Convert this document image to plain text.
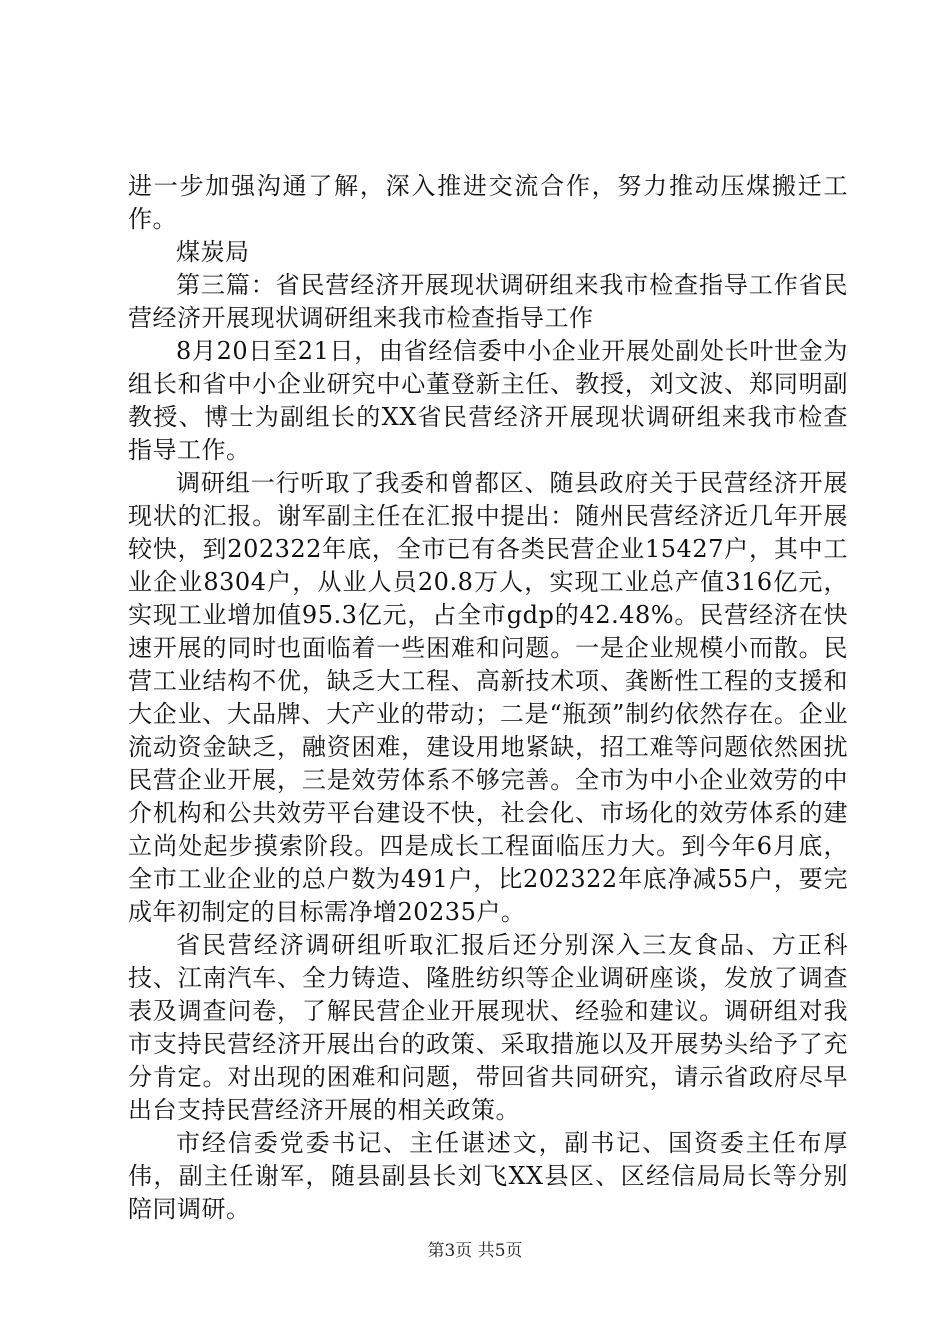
进一步加强沟通了解，深入推进交流合作，努力推动压煤搬迁工作。

煤炭局

第三篇：省民营经济开展现状调研组来我市检查指导工作省民营经济开展现状调研组来我市检查指导工作

8月20日至21日，由省经信委中小企业开展处副处长叶世金为组长和省中小企业研究中心董登新主任、教授，刘文波、郑同明副教授、博士为副组长的XX省民营经济开展现状调研组来我市检查指导工作。

调研组一行听取了我委和曾都区、随县政府关于民营经济开展现状的汇报。谢军副主任在汇报中提出：随州民营经济近几年开展较快，到202322年底，全市已有各类民营企业15427户，其中工业企业8304户，从业人员20.8万人，实现工业总产值316亿元，实现工业增加值95.3亿元，占全市gdp的42.48%。民营经济在快速开展的同时也面临着一些困难和问题。一是企业规模小而散。民营工业结构不优，缺乏大工程、高新技术项、龚断性工程的支援和大企业、大品牌、大产业的带动；二是“瓶颈”制约依然存在。企业流动资金缺乏，融资困难，建设用地紧缺，招工难等问题依然困扰民营企业开展，三是效劳体系不够完善。全市为中小企业效劳的中介机构和公共效劳平台建设不快，社会化、市场化的效劳体系的建立尚处起步摸索阶段。四是成长工程面临压力大。到今年6月底，全市工业企业的总户数为491户，比202322年底净减55户，要完成年初制定的目标需净增20235户。

省民营经济调研组听取汇报后还分别深入三友食品、方正科技、江南汽车、全力铸造、隆胜纺织等企业调研座谈，发放了调查表及调查问卷，了解民营企业开展现状、经验和建议。调研组对我市支持民营经济开展出台的政策、采取措施以及开展势头给予了充分肯定。对出现的困难和问题，带回省共同研究，请示省政府尽早出台支持民营经济开展的相关政策。

市经信委党委书记、主任谌述文，副书记、国资委主任布厚伟，副主任谢军，随县副县长刘飞XX县区、区经信局局长等分别陪同调研。

第3页 共5页
